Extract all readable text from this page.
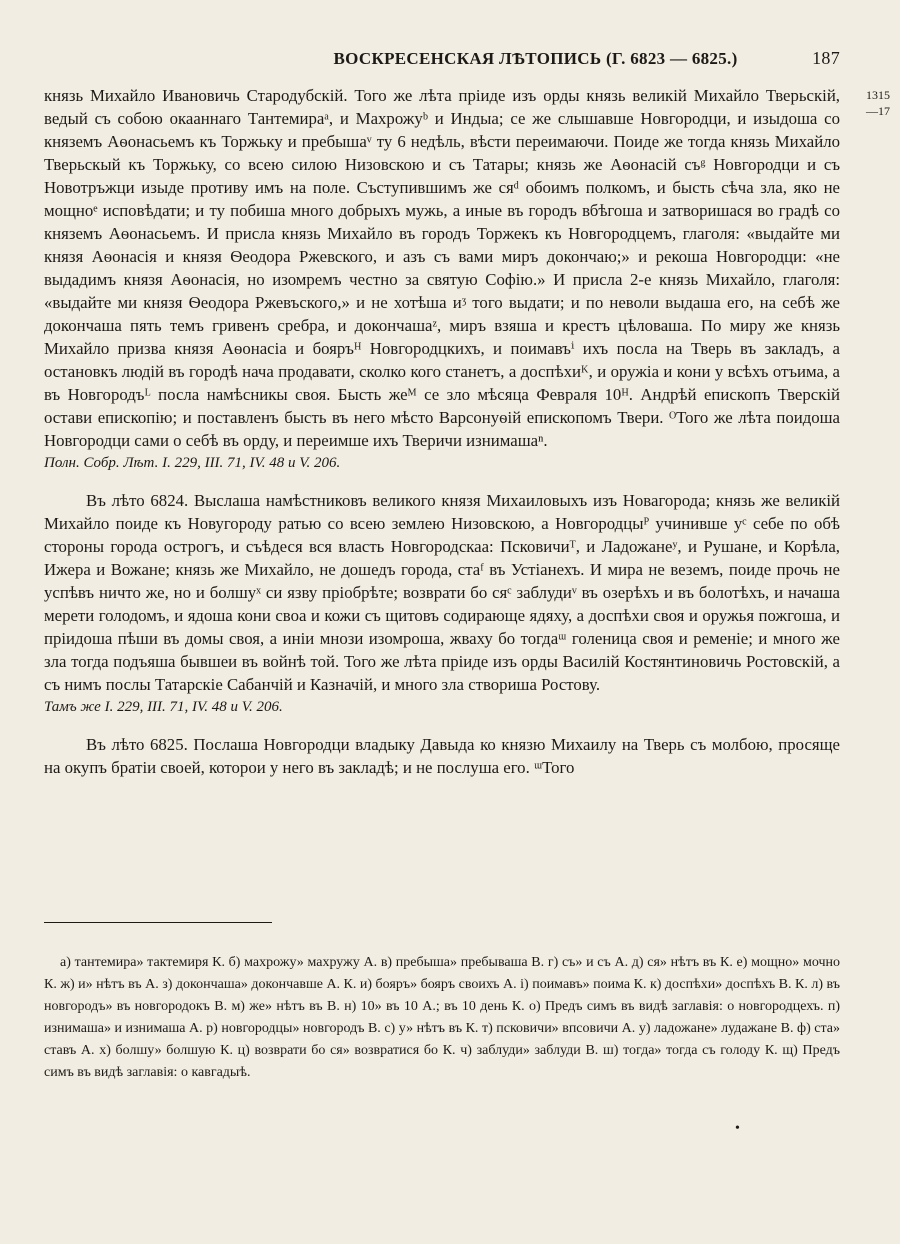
ВОСКРЕСЕНСКАЯ ЛѢТОПИСЬ (Г. 6823 — 6825.)	187
1315
—17

князь Михайло Ивановичь Стародубскій. Того же лѣта пріиде изъ орды князь великій Михайло Тверьскій, ведый съ собою окааннаго Тантемираᵃ, и Махрожуᵇ и Индыа; се же слышавше Новгородци, и изыдоша со княземъ Аѳонасьемъ къ Торжьку и пребышаᵛ ту 6 недѣль, вѣсти переимаючи. Поиде же тогда князь Михайло Тверьскый къ Торжьку, со всею силою Низовскою и съ Татары; князь же Аѳонасій съᵍ Новгородци и съ Новотръжци изыде противу имъ на поле. Съступившимъ же сяᵈ обоимъ полкомъ, и бысть сѣча зла, яко не мощноᵉ исповѣдати; и ту побиша много добрыхъ мужь, а иные въ городъ вбѣгоша и затворишася во градѣ со княземъ Аѳонасьемъ. И присла князь Михайло въ городъ Торжекъ къ Новгородцемъ, глаголя: «выдайте ми князя Аѳонасія и князя Ѳеодора Ржевского, и азъ съ вами миръ докончаю;» и рекоша Новгородци: «не выдадимъ князя Аѳонасія, но изомремъ честно за святую Софію.» И присла 2-е князь Михайло, глаголя: «выдайте ми князя Ѳеодора Ржевъского,» и не хотѣша иᶾ того выдати; и по неволи выдаша его, на себѣ же докончаша пять темъ гривенъ сребра, и докончашаᶻ, миръ взяша и крестъ цѣловаша. По миру же князь Михайло призва князя Аѳонасіа и бояръᴴ Новгородцкихъ, и поимавъⁱ ихъ посла на Тверь въ закладъ, а остановкъ людій въ городѣ нача продавати, сколко кого станетъ, а доспѣхиᴷ, и оружіа и кони у всѣхъ отъима, а въ Новгородъᴸ посла намѣсникы своя. Бысть жеᴹ се зло мѣсяца Февраля 10ᴴ. Андрѣй епископъ Тверскій остави епископію; и поставленъ бысть въ него мѣсто Варсонуѳій епископомъ Твери. ᴼТого же лѣта поидоша Новгородци сами о себѣ въ орду, и переимше ихъ Тверичи изнимашаⁿ.

Полн. Собр. Лѣт. I. 229, III. 71, IV. 48 и V. 206.

Въ лѣто 6824. Выслаша намѣстниковъ великого князя Михаиловыхъ изъ Новагорода; князь же великій Михайло поиде къ Новугороду ратью со всею землею Низовскою, а Новгородцыᴾ учинивше уᶜ себе по обѣ стороны города острогъ, и съѣдеся вся власть Новгородскаа: Псковичиᵀ, и Ладожанеʸ, и Рушане, и Корѣла, Ижера и Вожане; князь же Михайло, не дошедъ города, стаᶠ въ Устіанехъ. И мира не веземъ, поиде прочь не успѣвъ ничто же, но и болшуˣ си язву пріобрѣте; возврати бо сяᶜ заблудиᵛ въ озерѣхъ и въ болотѣхъ, и начаша мерети голодомъ, и ядоша кони своа и кожи съ щитовъ содирающе ядяху, а доспѣхи своя и оружья пожгоша, и пріидоша пѣши въ домы своя, а инiи мнози изомроша, жваху бо тогдаᵚ голеница своя и ременіе; и много же зла тогда подъяша бывшеи въ войнѣ той. Того же лѣта пріиде изъ орды Василій Костянтиновичь Ростовскій, а съ нимъ послы Татарскіе Сабанчій и Казначій, и много зла створиша Ростову.

Тамъ же I. 229, III. 71, IV. 48 и V. 206.

Въ лѣто 6825. Послаша Новгородци владыку Давыда ко князю Михаилу на Тверь съ молбою, просяще на окупъ братіи своей, которои у него въ закладѣ; и не послуша его. ᵚТого

а) тантемира» тактемиря К. б) махрожу» махружу А. в) пребыша» пребываша В. г) съ» и съ А. д) ся» нѣтъ въ К. е) мощно» мочно К. ж) и» нѣтъ въ А. з) докончаша» докончавше А. К. и) бояръ» бояръ своихъ А. і) поимавъ» поима К. к) доспѣхи» доспѣхъ В. К. л) въ новгородъ» въ новгородокъ В. м) же» нѣтъ въ В. н) 10» въ 10 А.; въ 10 день К. о) Предъ симъ въ видѣ заглавія: о новгородцехъ. п) изнимаша» и изнимаша А. р) новгородцы» новгородъ В. с) у» нѣтъ въ К. т) псковичи» впсовичи А. у) ладожане» лудажане В. ф) ста» ставъ А. х) болшу» болшую К. ц) возврати бо ся» возвратися бо К. ч) заблуди» заблуди В. ш) тогда» тогда съ голоду К. щ) Предъ симъ въ видѣ заглавія: о кавгадыѣ.

•
